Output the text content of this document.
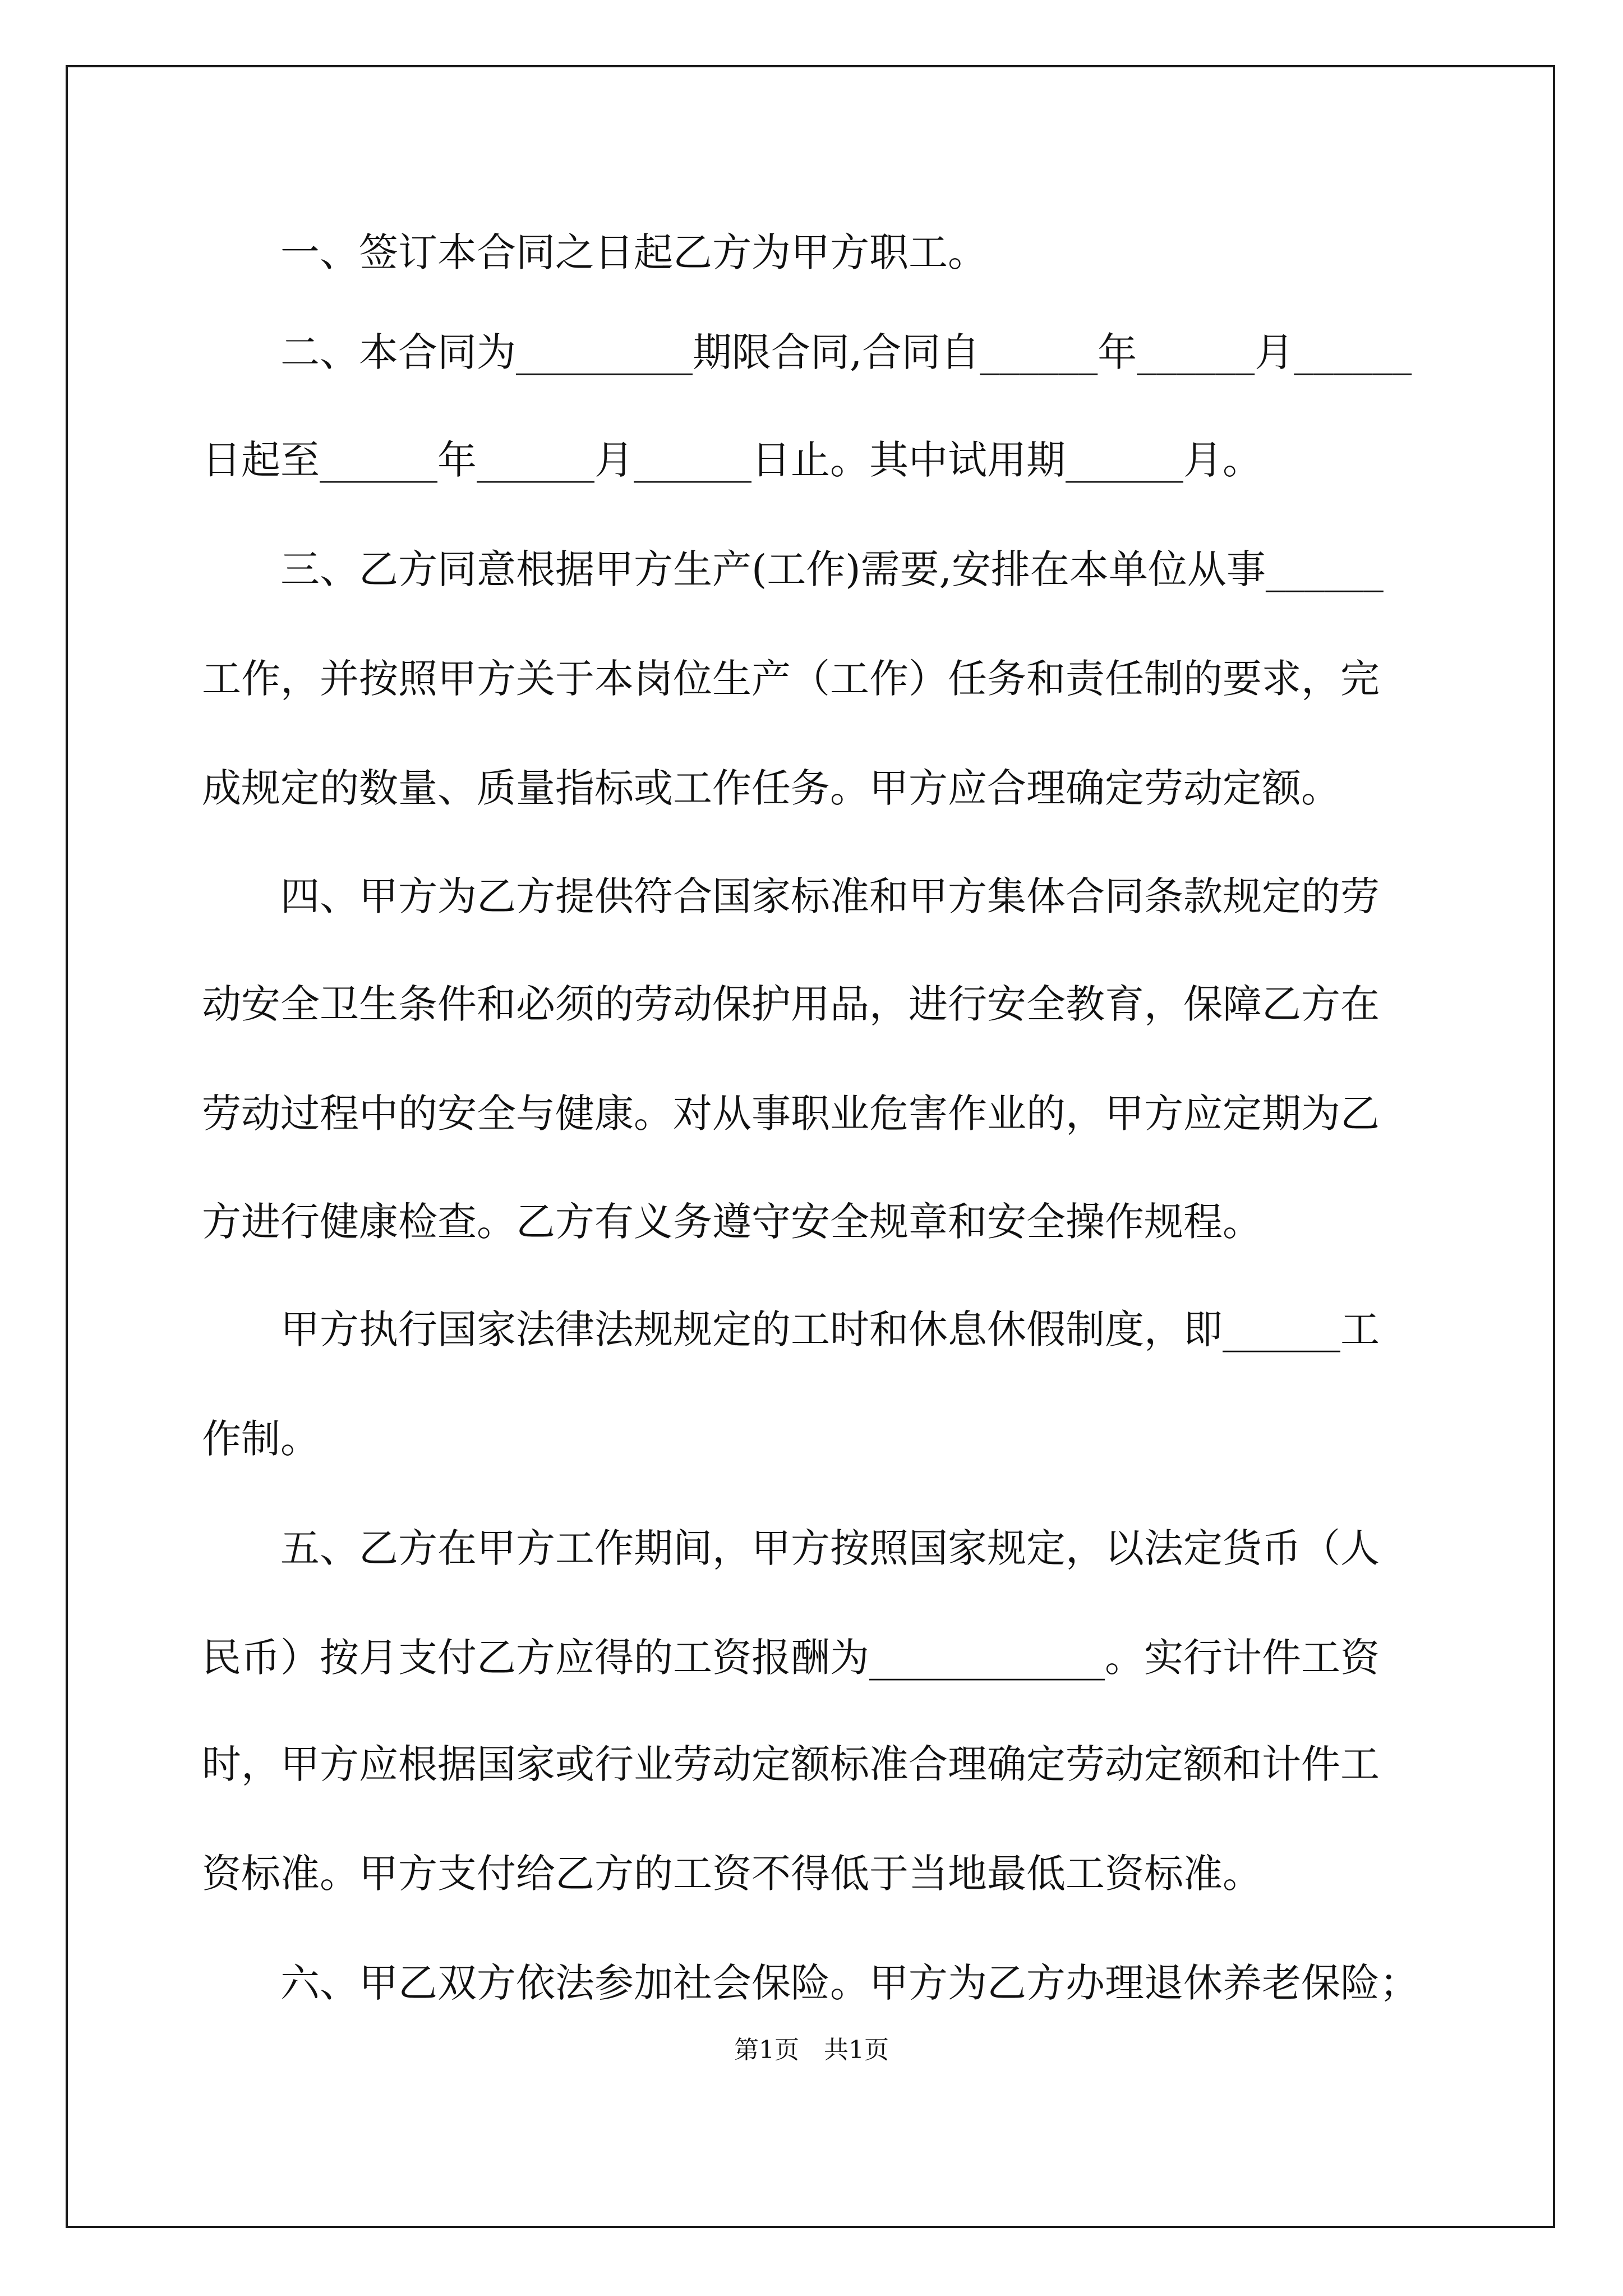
一、签订本合同之日起乙方为甲方职工。

二、本合同为_________期限合同,合同自______年______月______

日起至______年______月______日止。其中试用期______月。

三、乙方同意根据甲方生产(工作)需要,安排在本单位从事______

工作，并按照甲方关于本岗位生产（工作）任务和责任制的要求，完

成规定的数量、质量指标或工作任务。甲方应合理确定劳动定额。

四、甲方为乙方提供符合国家标准和甲方集体合同条款规定的劳

动安全卫生条件和必须的劳动保护用品，进行安全教育，保障乙方在

劳动过程中的安全与健康。对从事职业危害作业的，甲方应定期为乙

方进行健康检查。乙方有义务遵守安全规章和安全操作规程。

甲方执行国家法律法规规定的工时和休息休假制度，即______工

作制。

五、乙方在甲方工作期间，甲方按照国家规定，以法定货币（人

民币）按月支付乙方应得的工资报酬为____________。实行计件工资

时，甲方应根据国家或行业劳动定额标准合理确定劳动定额和计件工

资标准。甲方支付给乙方的工资不得低于当地最低工资标准。

六、甲乙双方依法参加社会保险。甲方为乙方办理退休养老保险；

第1页　共1页
